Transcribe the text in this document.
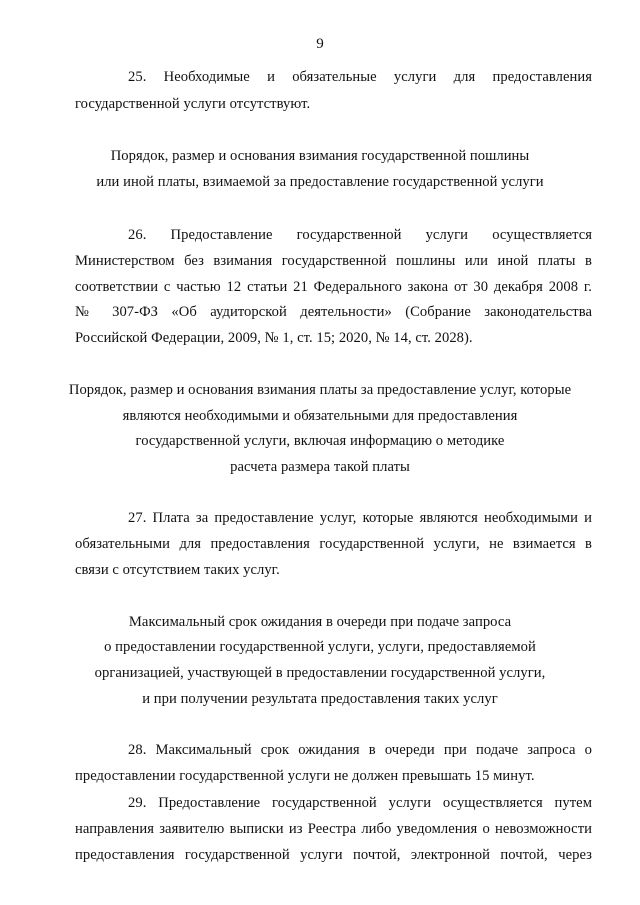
9
25. Необходимые и обязательные услуги для предоставления
государственной услуги отсутствуют.
Порядок, размер и основания взимания государственной пошлины
или иной платы, взимаемой за предоставление государственной услуги
26. Предоставление государственной услуги осуществляется
Министерством без взимания государственной пошлины или иной платы в
соответствии с частью 12 статьи 21 Федерального закона от 30 декабря 2008 г.
№ 307-ФЗ «Об аудиторской деятельности» (Собрание законодательства
Российской Федерации, 2009, № 1, ст. 15; 2020, № 14, ст. 2028).
Порядок, размер и основания взимания платы за предоставление услуг, которые
являются необходимыми и обязательными для предоставления
государственной услуги, включая информацию о методике
расчета размера такой платы
27. Плата за предоставление услуг, которые являются необходимыми и
обязательными для предоставления государственной услуги, не взимается в
связи с отсутствием таких услуг.
Максимальный срок ожидания в очереди при подаче запроса
о предоставлении государственной услуги, услуги, предоставляемой
организацией, участвующей в предоставлении государственной услуги,
и при получении результата предоставления таких услуг
28. Максимальный срок ожидания в очереди при подаче запроса о
предоставлении государственной услуги не должен превышать 15 минут.
29. Предоставление государственной услуги осуществляется путем
направления заявителю выписки из Реестра либо уведомления о невозможности
предоставления государственной услуги почтой, электронной почтой, через
